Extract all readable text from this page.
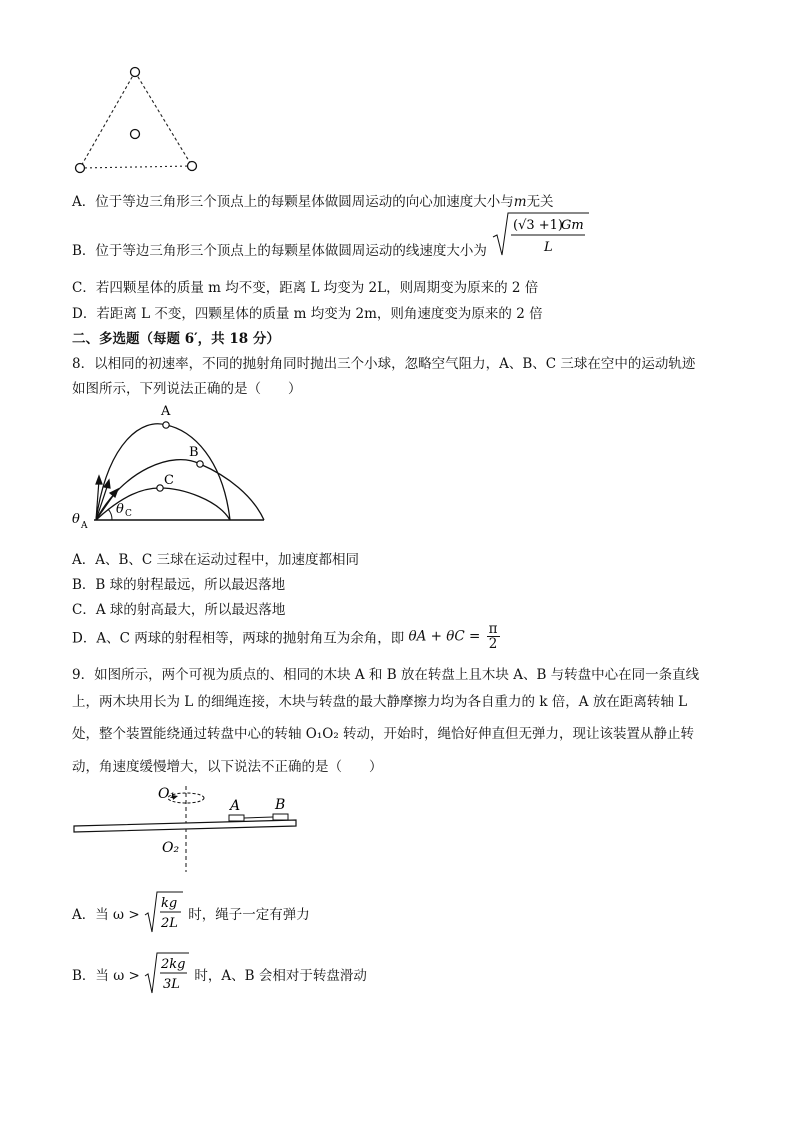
A．位于等边三角形三个顶点上的每颗星体做圆周运动的向心加速度大小与m无关
B．位于等边三角形三个顶点上的每颗星体做圆周运动的线速度大小为
(√3 +1)
Gm
L
C．若四颗星体的质量 m 均不变，距离 L 均变为 2L，则周期变为原来的 2 倍
D．若距离 L 不变，四颗星体的质量 m 均变为 2m，则角速度变为原来的 2 倍
二、多选题（每题 6′，共 18 分）
8．以相同的初速率，不同的抛射角同时抛出三个小球，忽略空气阻力，A、B、C 三球在空中的运动轨迹
如图所示，下列说法正确的是（　　）
A
B
C
θ C
θ A
A．A、B、C 三球在运动过程中，加速度都相同
B．B 球的射程最远，所以最迟落地
C．A 球的射高最大，所以最迟落地
D．A、C 两球的射程相等，两球的抛射角互为余角，即 $\theta A + \theta C = \frac{\pi}{2}$
9．如图所示，两个可视为质点的、相同的木块 A 和 B 放在转盘上且木块 A、B 与转盘中心在同一条直线
上，两木块用长为 L 的细绳连接，木块与转盘的最大静摩擦力均为各自重力的 k 倍，A 放在距离转轴 L
处，整个装置能绕通过转盘中心的转轴 O₁O₂ 转动，开始时，绳恰好伸直但无弹力，现让该装置从静止转
动，角速度缓慢增大，以下说法不正确的是（　　）
O₁
O₂
A B
A．当 ω >
kg
2L
时，绳子一定有弹力
B．当 ω >
2kg
3L
时，A、B 会相对于转盘滑动
